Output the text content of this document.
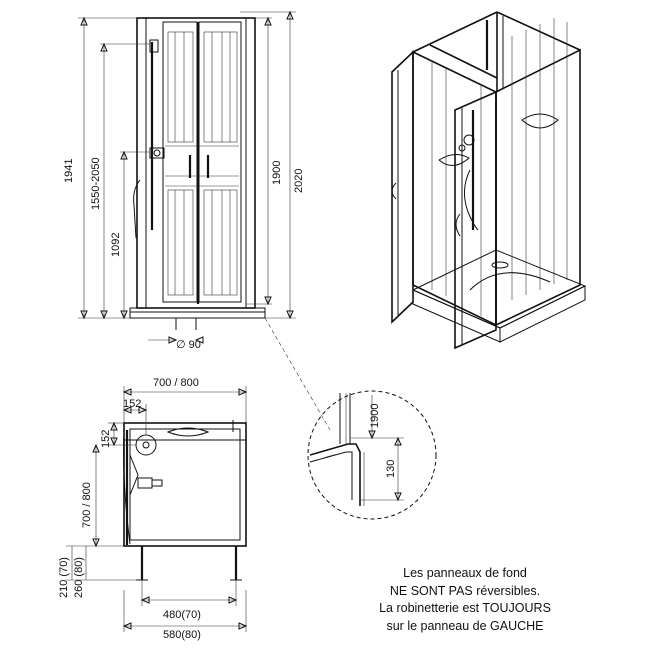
1941 1550-2050
1092
1900 2020
∅ 90
700 / 800
152
152
700 / 800
210 (70) 260 (80)
480(70)
580(80)
1900
130
Les panneaux de fond
NE SONT PAS réversibles.
La robinetterie est TOUJOURS
sur le panneau de GAUCHE
